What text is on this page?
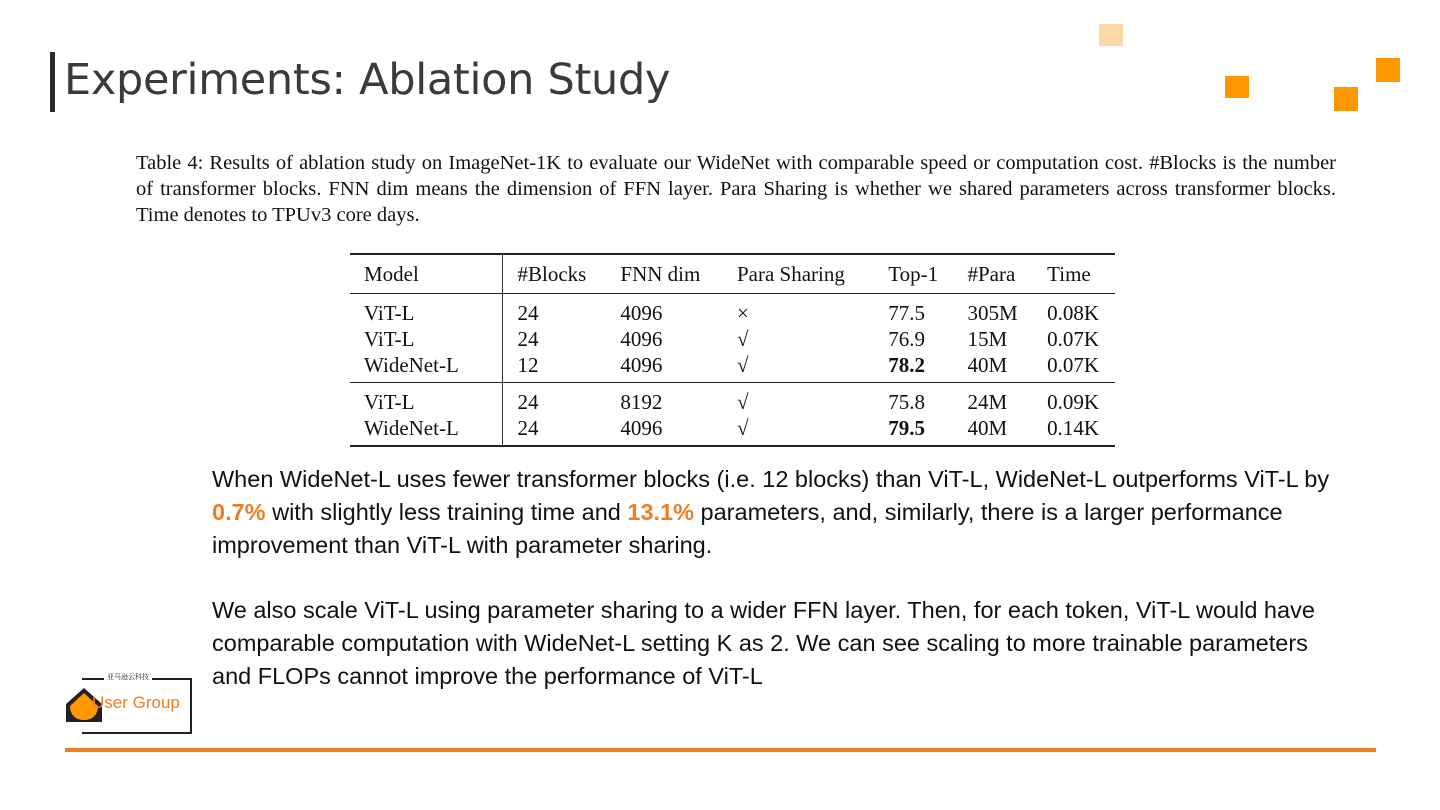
Experiments: Ablation Study
Table 4: Results of ablation study on ImageNet-1K to evaluate our WideNet with comparable speed or computation cost. #Blocks is the number of transformer blocks. FNN dim means the dimension of FFN layer. Para Sharing is whether we shared parameters across transformer blocks. Time denotes to TPUv3 core days.
Model	#Blocks	FNN dim	Para Sharing	Top-1	#Para	Time
ViT-L	24	4096	×	77.5	305M	0.08K
ViT-L	24	4096	√	76.9	15M	0.07K
WideNet-L	12	4096	√	78.2	40M	0.07K
ViT-L	24	8192	√	75.8	24M	0.09K
WideNet-L	24	4096	√	79.5	40M	0.14K
When WideNet-L uses fewer transformer blocks (i.e. 12 blocks) than ViT-L, WideNet-L outperforms ViT-L by 0.7% with slightly less training time and 13.1% parameters, and, similarly, there is a larger performance improvement than ViT-L with parameter sharing.
We also scale ViT-L using parameter sharing to a wider FFN layer. Then, for each token, ViT-L would have comparable computation with WideNet-L setting K as 2. We can see scaling to more trainable parameters and FLOPs cannot improve the performance of ViT-L
亚马逊云科技
User Group
